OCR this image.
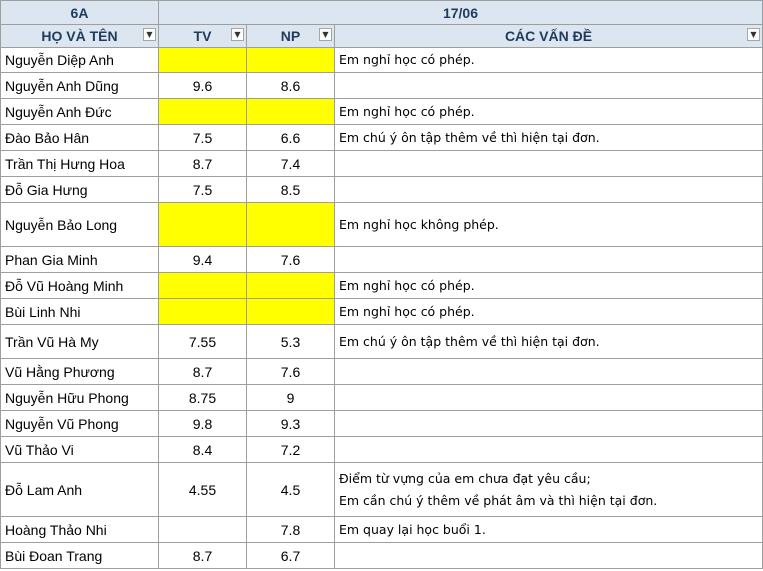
6A	17/06		
HỌ VÀ TÊN ▼	TV ▼	NP ▼	CÁC VẤN ĐỀ ▼

Nguyễn Diệp Anh			Em nghỉ học có phép.

Nguyễn Anh Dũng	9.6	8.6	
Nguyễn Anh Đức			Em nghỉ học có phép.

Đào Bảo Hân	7.5	6.6	Em chú ý ôn tập thêm về thì hiện tại đơn.

Trần Thị Hưng Hoa	8.7	7.4	
Đỗ Gia Hưng	7.5	8.5	
Nguyễn Bảo Long			Em nghỉ học không phép.

Phan Gia Minh	9.4	7.6	
Đỗ Vũ Hoàng Minh			Em nghỉ học có phép.

Bùi Linh Nhi			Em nghỉ học có phép.

Trần Vũ Hà My	7.55	5.3	Em chú ý ôn tập thêm về thì hiện tại đơn.

Vũ Hằng Phương	8.7	7.6	
Nguyễn Hữu Phong	8.75	9	
Nguyễn Vũ Phong	9.8	9.3	
Vũ Thảo Vi	8.4	7.2	
Đỗ Lam Anh	4.55	4.5	Điểm từ vựng của em chưa đạt yêu cầu;
Em cần chú ý thêm về phát âm và thì hiện tại đơn.

Hoàng Thảo Nhi		7.8	Em quay lại học buổi 1.

Bùi Đoan Trang	8.7	6.7	
